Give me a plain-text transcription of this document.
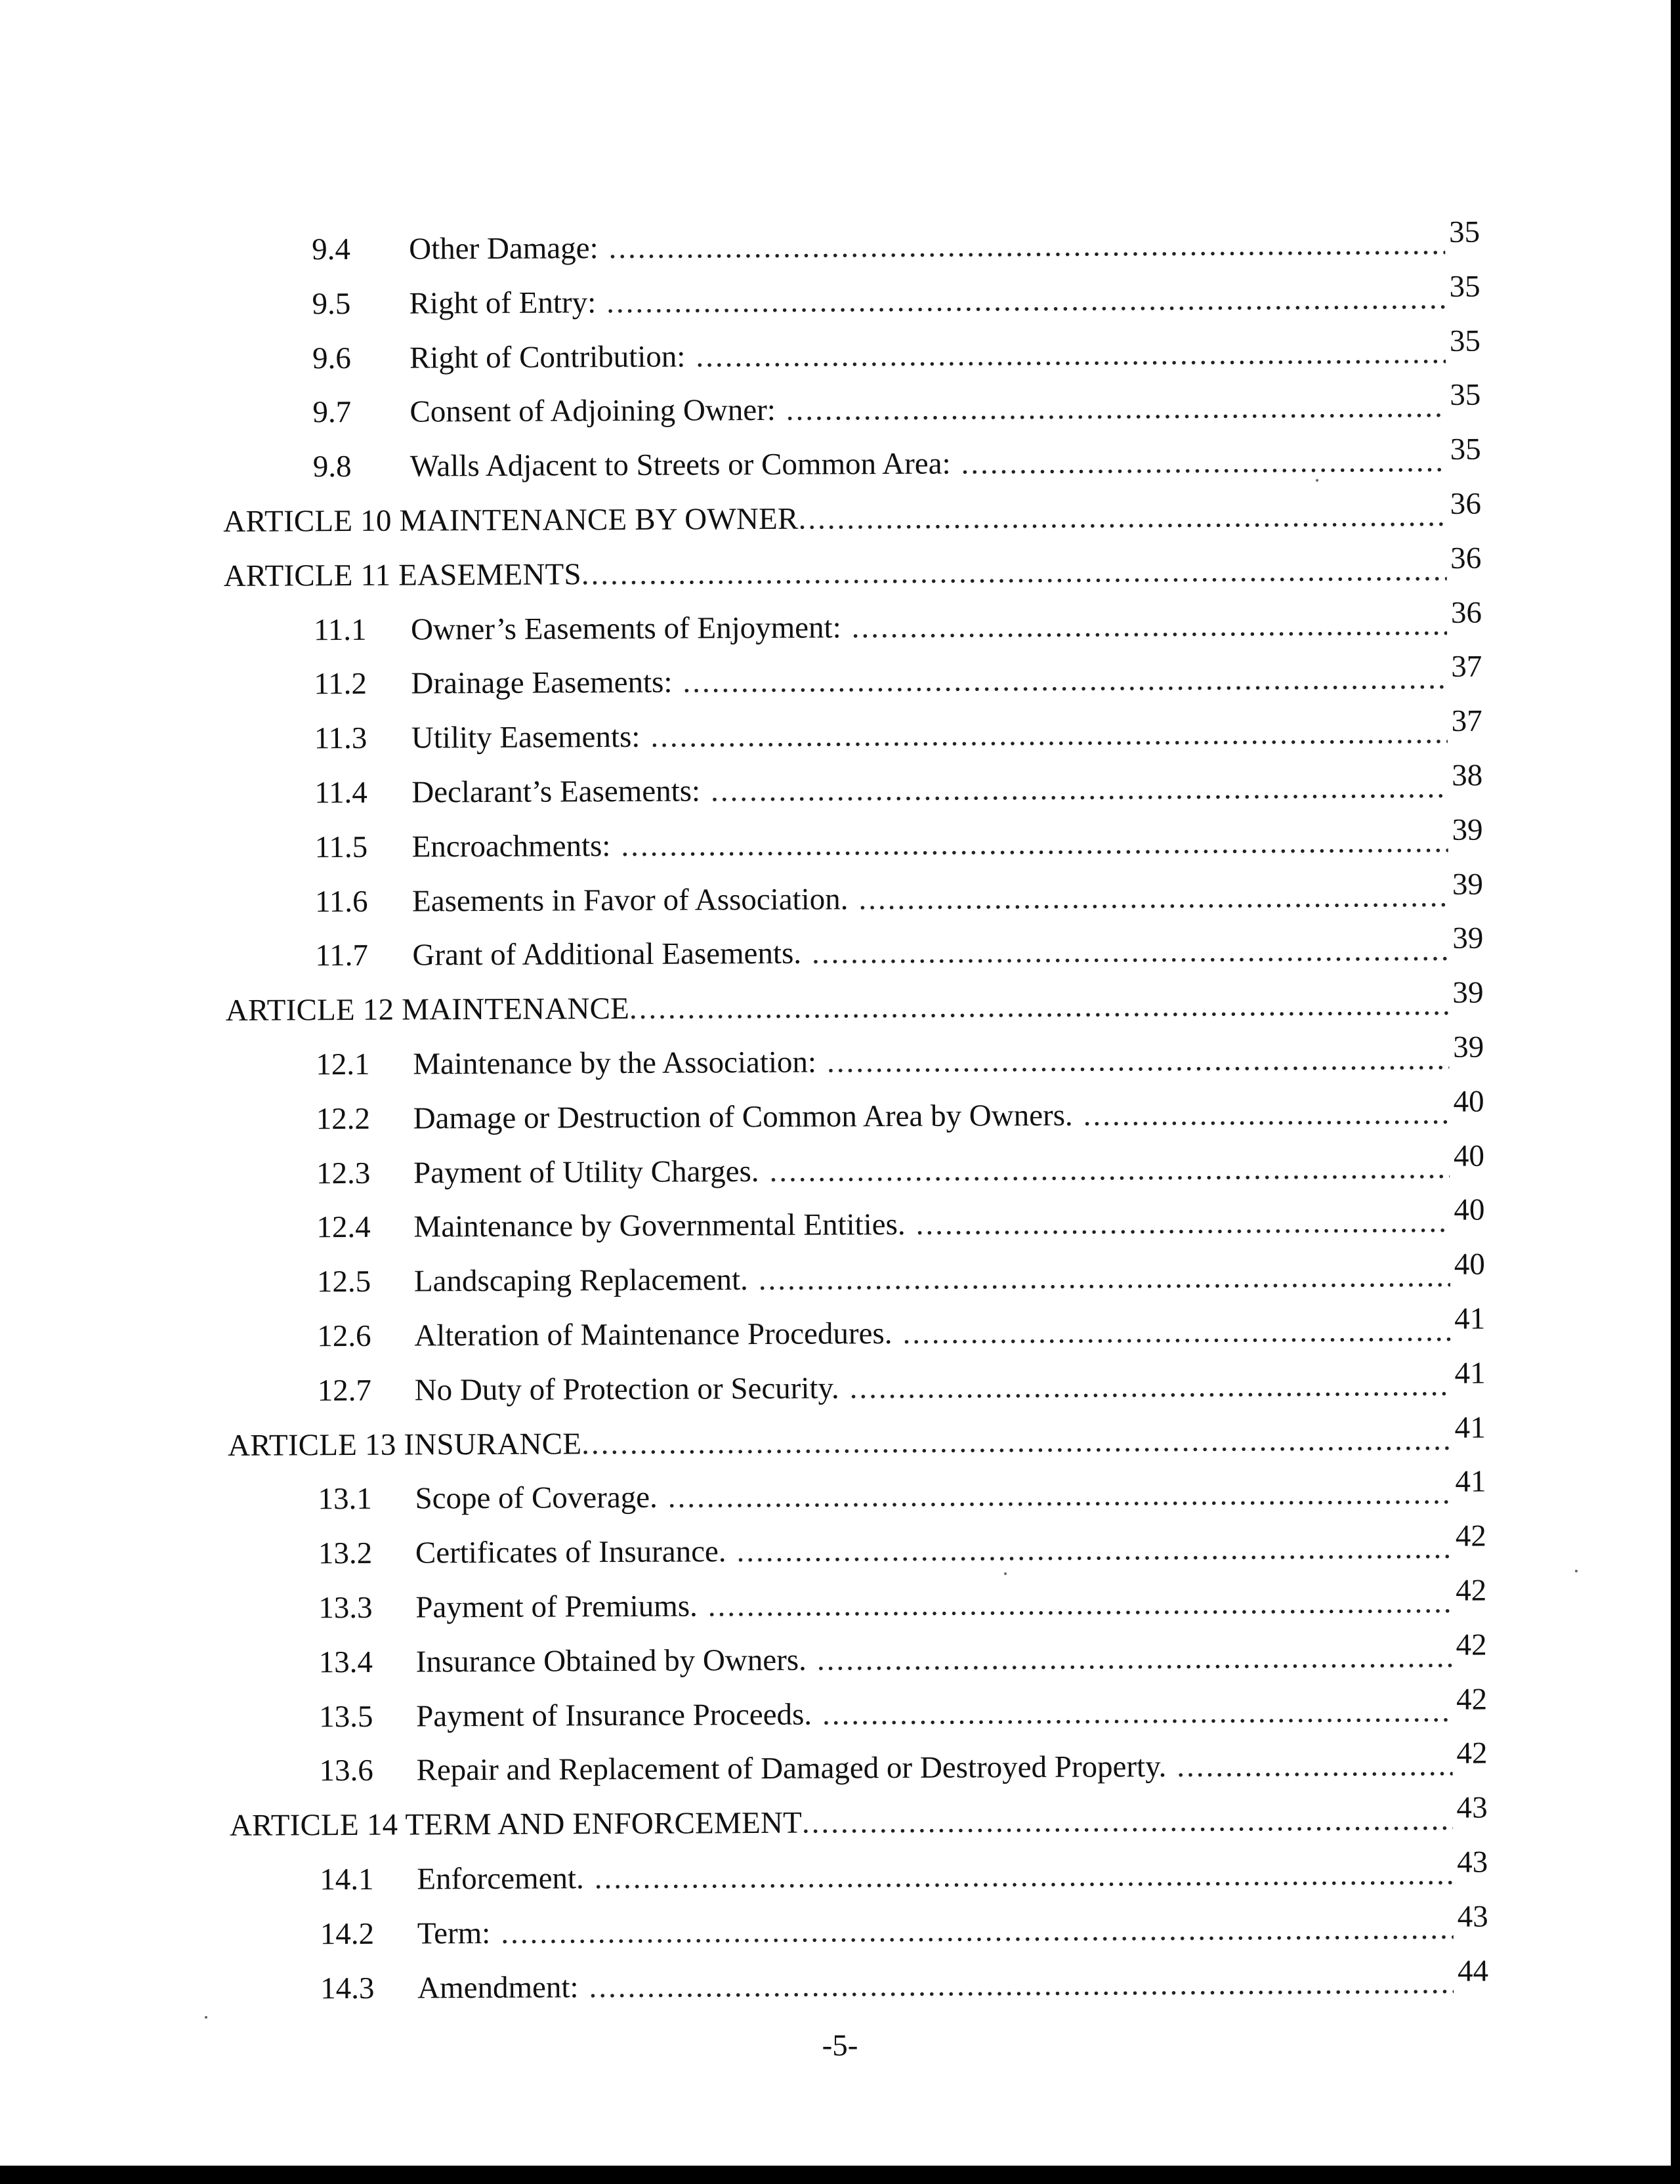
9.4	Other Damage: .....	35
9.5	Right of Entry: .....	35
9.6	Right of Contribution: .....	35
9.7	Consent of Adjoining Owner: .....	35
9.8	Walls Adjacent to Streets or Common Area: .....	35
ARTICLE 10 MAINTENANCE BY OWNER .....	36
ARTICLE 11 EASEMENTS .....	36
11.1	Owner’s Easements of Enjoyment: .....	36
11.2	Drainage Easements: .....	37
11.3	Utility Easements: .....	37
11.4	Declarant’s Easements: .....	38
11.5	Encroachments: .....	39
11.6	Easements in Favor of Association. .....	39
11.7	Grant of Additional Easements. .....	39
ARTICLE 12 MAINTENANCE .....	39
12.1	Maintenance by the Association: .....	39
12.2	Damage or Destruction of Common Area by Owners. .....	40
12.3	Payment of Utility Charges. .....	40
12.4	Maintenance by Governmental Entities. .....	40
12.5	Landscaping Replacement. .....	40
12.6	Alteration of Maintenance Procedures. .....	41
12.7	No Duty of Protection or Security. .....	41
ARTICLE 13 INSURANCE .....	41
13.1	Scope of Coverage. .....	41
13.2	Certificates of Insurance. .....	42
13.3	Payment of Premiums. .....	42
13.4	Insurance Obtained by Owners. .....	42
13.5	Payment of Insurance Proceeds. .....	42
13.6	Repair and Replacement of Damaged or Destroyed Property. .....	42
ARTICLE 14 TERM AND ENFORCEMENT .....	43
14.1	Enforcement. .....	43
14.2	Term: .....	43
14.3	Amendment: .....	44
-5-
